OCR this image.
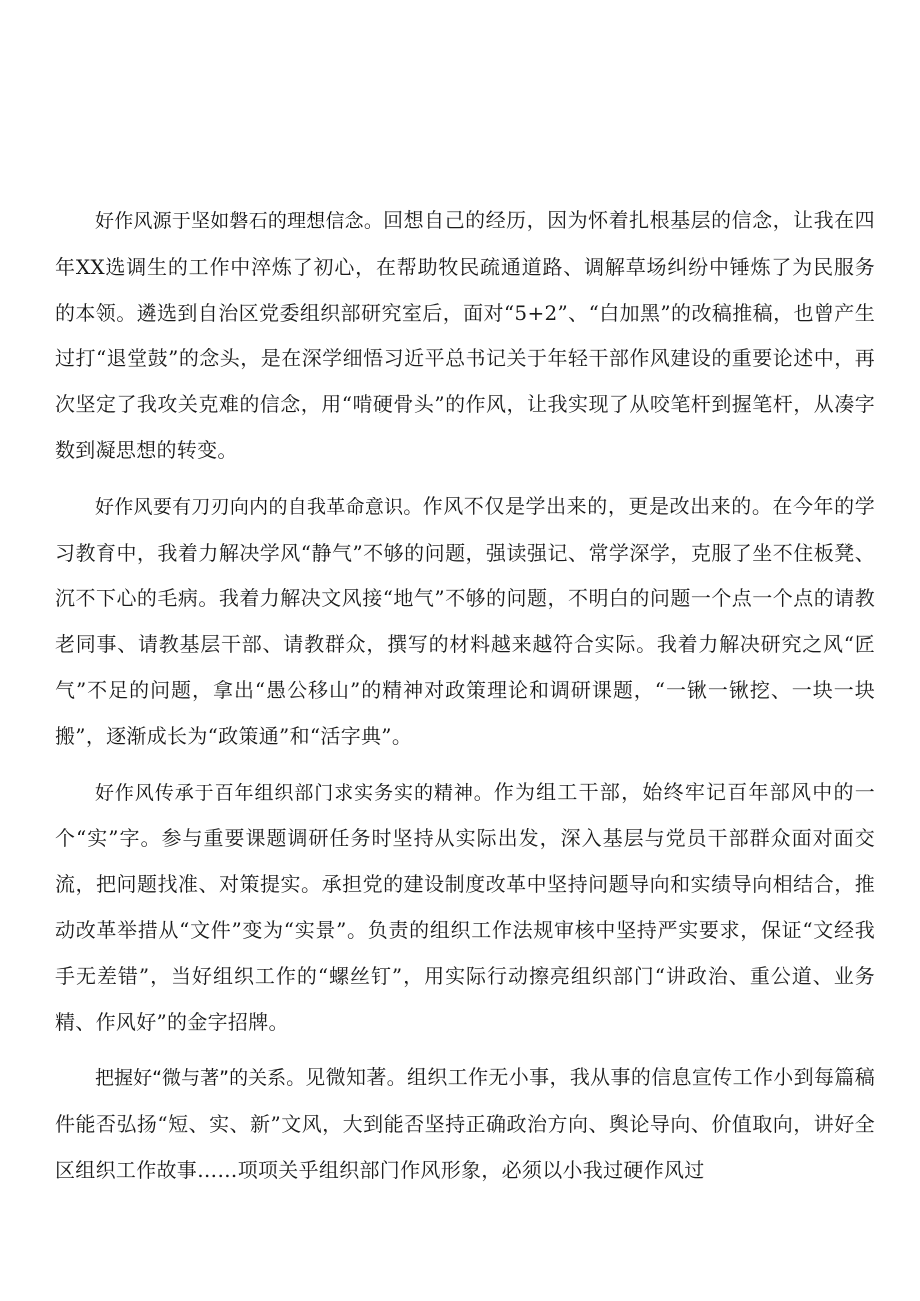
好作风源于坚如磐石的理想信念。回想自己的经历，因为怀着扎根基层的信念，让我在四年XX选调生的工作中淬炼了初心，在帮助牧民疏通道路、调解草场纠纷中锤炼了为民服务的本领。遴选到自治区党委组织部研究室后，面对“5+2”、“白加黑”的改稿推稿，也曾产生过打“退堂鼓”的念头，是在深学细悟习近平总书记关于年轻干部作风建设的重要论述中，再次坚定了我攻关克难的信念，用“啃硬骨头”的作风，让我实现了从咬笔杆到握笔杆，从凑字数到凝思想的转变。

好作风要有刀刃向内的自我革命意识。作风不仅是学出来的，更是改出来的。在今年的学习教育中，我着力解决学风“静气”不够的问题，强读强记、常学深学，克服了坐不住板凳、沉不下心的毛病。我着力解决文风接“地气”不够的问题，不明白的问题一个点一个点的请教老同事、请教基层干部、请教群众，撰写的材料越来越符合实际。我着力解决研究之风“匠气”不足的问题，拿出“愚公移山”的精神对政策理论和调研课题，“一锹一锹挖、一块一块搬”，逐渐成长为“政策通”和“活字典”。

好作风传承于百年组织部门求实务实的精神。作为组工干部，始终牢记百年部风中的一个“实”字。参与重要课题调研任务时坚持从实际出发，深入基层与党员干部群众面对面交流，把问题找准、对策提实。承担党的建设制度改革中坚持问题导向和实绩导向相结合，推动改革举措从“文件”变为“实景”。负责的组织工作法规审核中坚持严实要求，保证“文经我手无差错”，当好组织工作的“螺丝钉”，用实际行动擦亮组织部门“讲政治、重公道、业务精、作风好”的金字招牌。

把握好“微与著”的关系。见微知著。组织工作无小事，我从事的信息宣传工作小到每篇稿件能否弘扬“短、实、新”文风，大到能否坚持正确政治方向、舆论导向、价值取向，讲好全区组织工作故事……项项关乎组织部门作风形象，必须以小我过硬作风过
